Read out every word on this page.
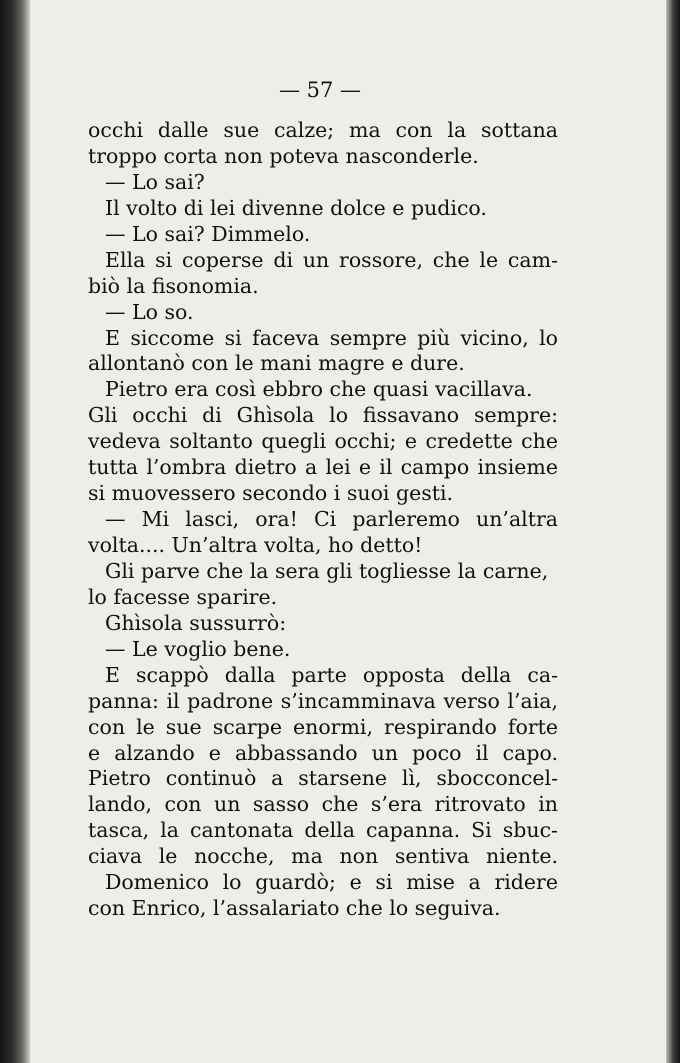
— 57 —
occhi dalle sue calze; ma con la sottana
troppo corta non poteva nasconderle.
— Lo sai?
Il volto di lei divenne dolce e pudico.
— Lo sai? Dimmelo.
Ella si coperse di un rossore, che le cam-
biò la fisonomia.
— Lo so.
E siccome si faceva sempre più vicino, lo
allontanò con le mani magre e dure.
Pietro era così ebbro che quasi vacillava.
Gli occhi di Ghìsola lo fissavano sempre:
vedeva soltanto quegli occhi; e credette che
tutta l’ombra dietro a lei e il campo insieme
si muovessero secondo i suoi gesti.
— Mi lasci, ora! Ci parleremo un’altra
volta.... Un’altra volta, ho detto!
Gli parve che la sera gli togliesse la carne,
lo facesse sparire.
Ghìsola sussurrò:
— Le voglio bene.
E scappò dalla parte opposta della ca-
panna: il padrone s’incamminava verso l’aia,
con le sue scarpe enormi, respirando forte
e alzando e abbassando un poco il capo.
Pietro continuò a starsene lì, sbocconcel-
lando, con un sasso che s’era ritrovato in
tasca, la cantonata della capanna. Si sbuc-
ciava le nocche, ma non sentiva niente.
Domenico lo guardò; e si mise a ridere
con Enrico, l’assalariato che lo seguiva.
